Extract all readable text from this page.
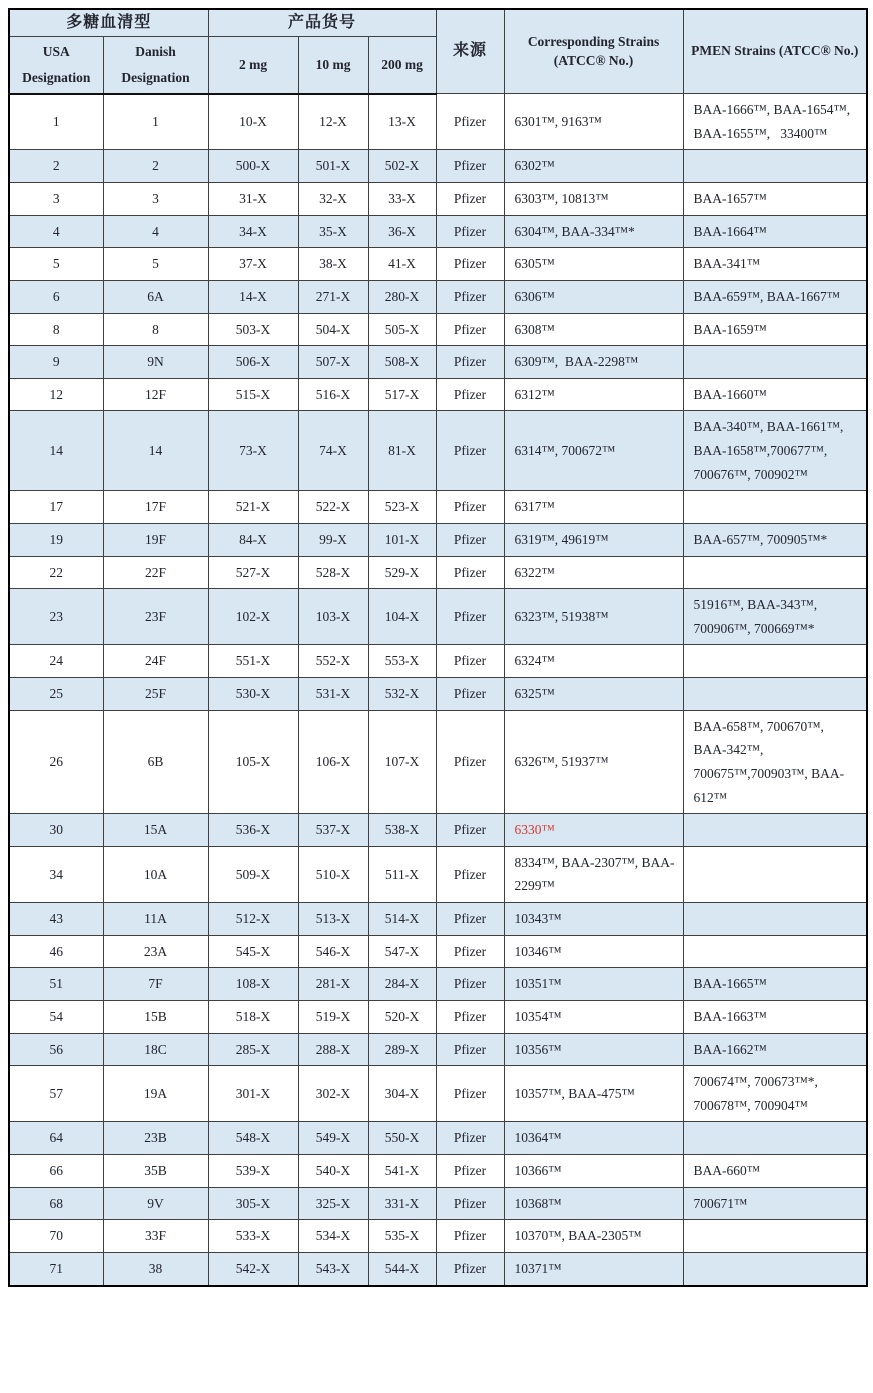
多糖血清型		产品货号			来源	Corresponding Strains (ATCC® No.)	PMEN Strains (ATCC® No.)
USA Designation	Danish Designation	2 mg	10 mg	200 mg			
1	1	10-X	12-X	13-X	Pfizer	6301™, 9163™	BAA-1666™, BAA-1654™, BAA-1655™,   33400™
2	2	500-X	501-X	502-X	Pfizer	6302™	
3	3	31-X	32-X	33-X	Pfizer	6303™, 10813™	BAA-1657™
4	4	34-X	35-X	36-X	Pfizer	6304™, BAA-334™*	BAA-1664™
5	5	37-X	38-X	41-X	Pfizer	6305™	BAA-341™
6	6A	14-X	271-X	280-X	Pfizer	6306™	BAA-659™, BAA-1667™
8	8	503-X	504-X	505-X	Pfizer	6308™	BAA-1659™
9	9N	506-X	507-X	508-X	Pfizer	6309™,  BAA-2298™	
12	12F	515-X	516-X	517-X	Pfizer	6312™	BAA-1660™
14	14	73-X	74-X	81-X	Pfizer	6314™, 700672™	BAA-340™, BAA-1661™, BAA-1658™,700677™, 700676™, 700902™
17	17F	521-X	522-X	523-X	Pfizer	6317™	
19	19F	84-X	99-X	101-X	Pfizer	6319™, 49619™	BAA-657™, 700905™*
22	22F	527-X	528-X	529-X	Pfizer	6322™	
23	23F	102-X	103-X	104-X	Pfizer	6323™, 51938™	51916™, BAA-343™, 700906™, 700669™*
24	24F	551-X	552-X	553-X	Pfizer	6324™	
25	25F	530-X	531-X	532-X	Pfizer	6325™	
26	6B	105-X	106-X	107-X	Pfizer	6326™, 51937™	BAA-658™, 700670™, BAA-342™, 700675™,700903™, BAA-612™
30	15A	536-X	537-X	538-X	Pfizer	6330™	
34	10A	509-X	510-X	511-X	Pfizer	8334™, BAA-2307™, BAA-2299™	
43	11A	512-X	513-X	514-X	Pfizer	10343™	
46	23A	545-X	546-X	547-X	Pfizer	10346™	
51	7F	108-X	281-X	284-X	Pfizer	10351™	BAA-1665™
54	15B	518-X	519-X	520-X	Pfizer	10354™	BAA-1663™
56	18C	285-X	288-X	289-X	Pfizer	10356™	BAA-1662™
57	19A	301-X	302-X	304-X	Pfizer	10357™, BAA-475™	700674™, 700673™*, 700678™, 700904™
64	23B	548-X	549-X	550-X	Pfizer	10364™	
66	35B	539-X	540-X	541-X	Pfizer	10366™	BAA-660™
68	9V	305-X	325-X	331-X	Pfizer	10368™	700671™
70	33F	533-X	534-X	535-X	Pfizer	10370™, BAA-2305™	
71	38	542-X	543-X	544-X	Pfizer	10371™	
